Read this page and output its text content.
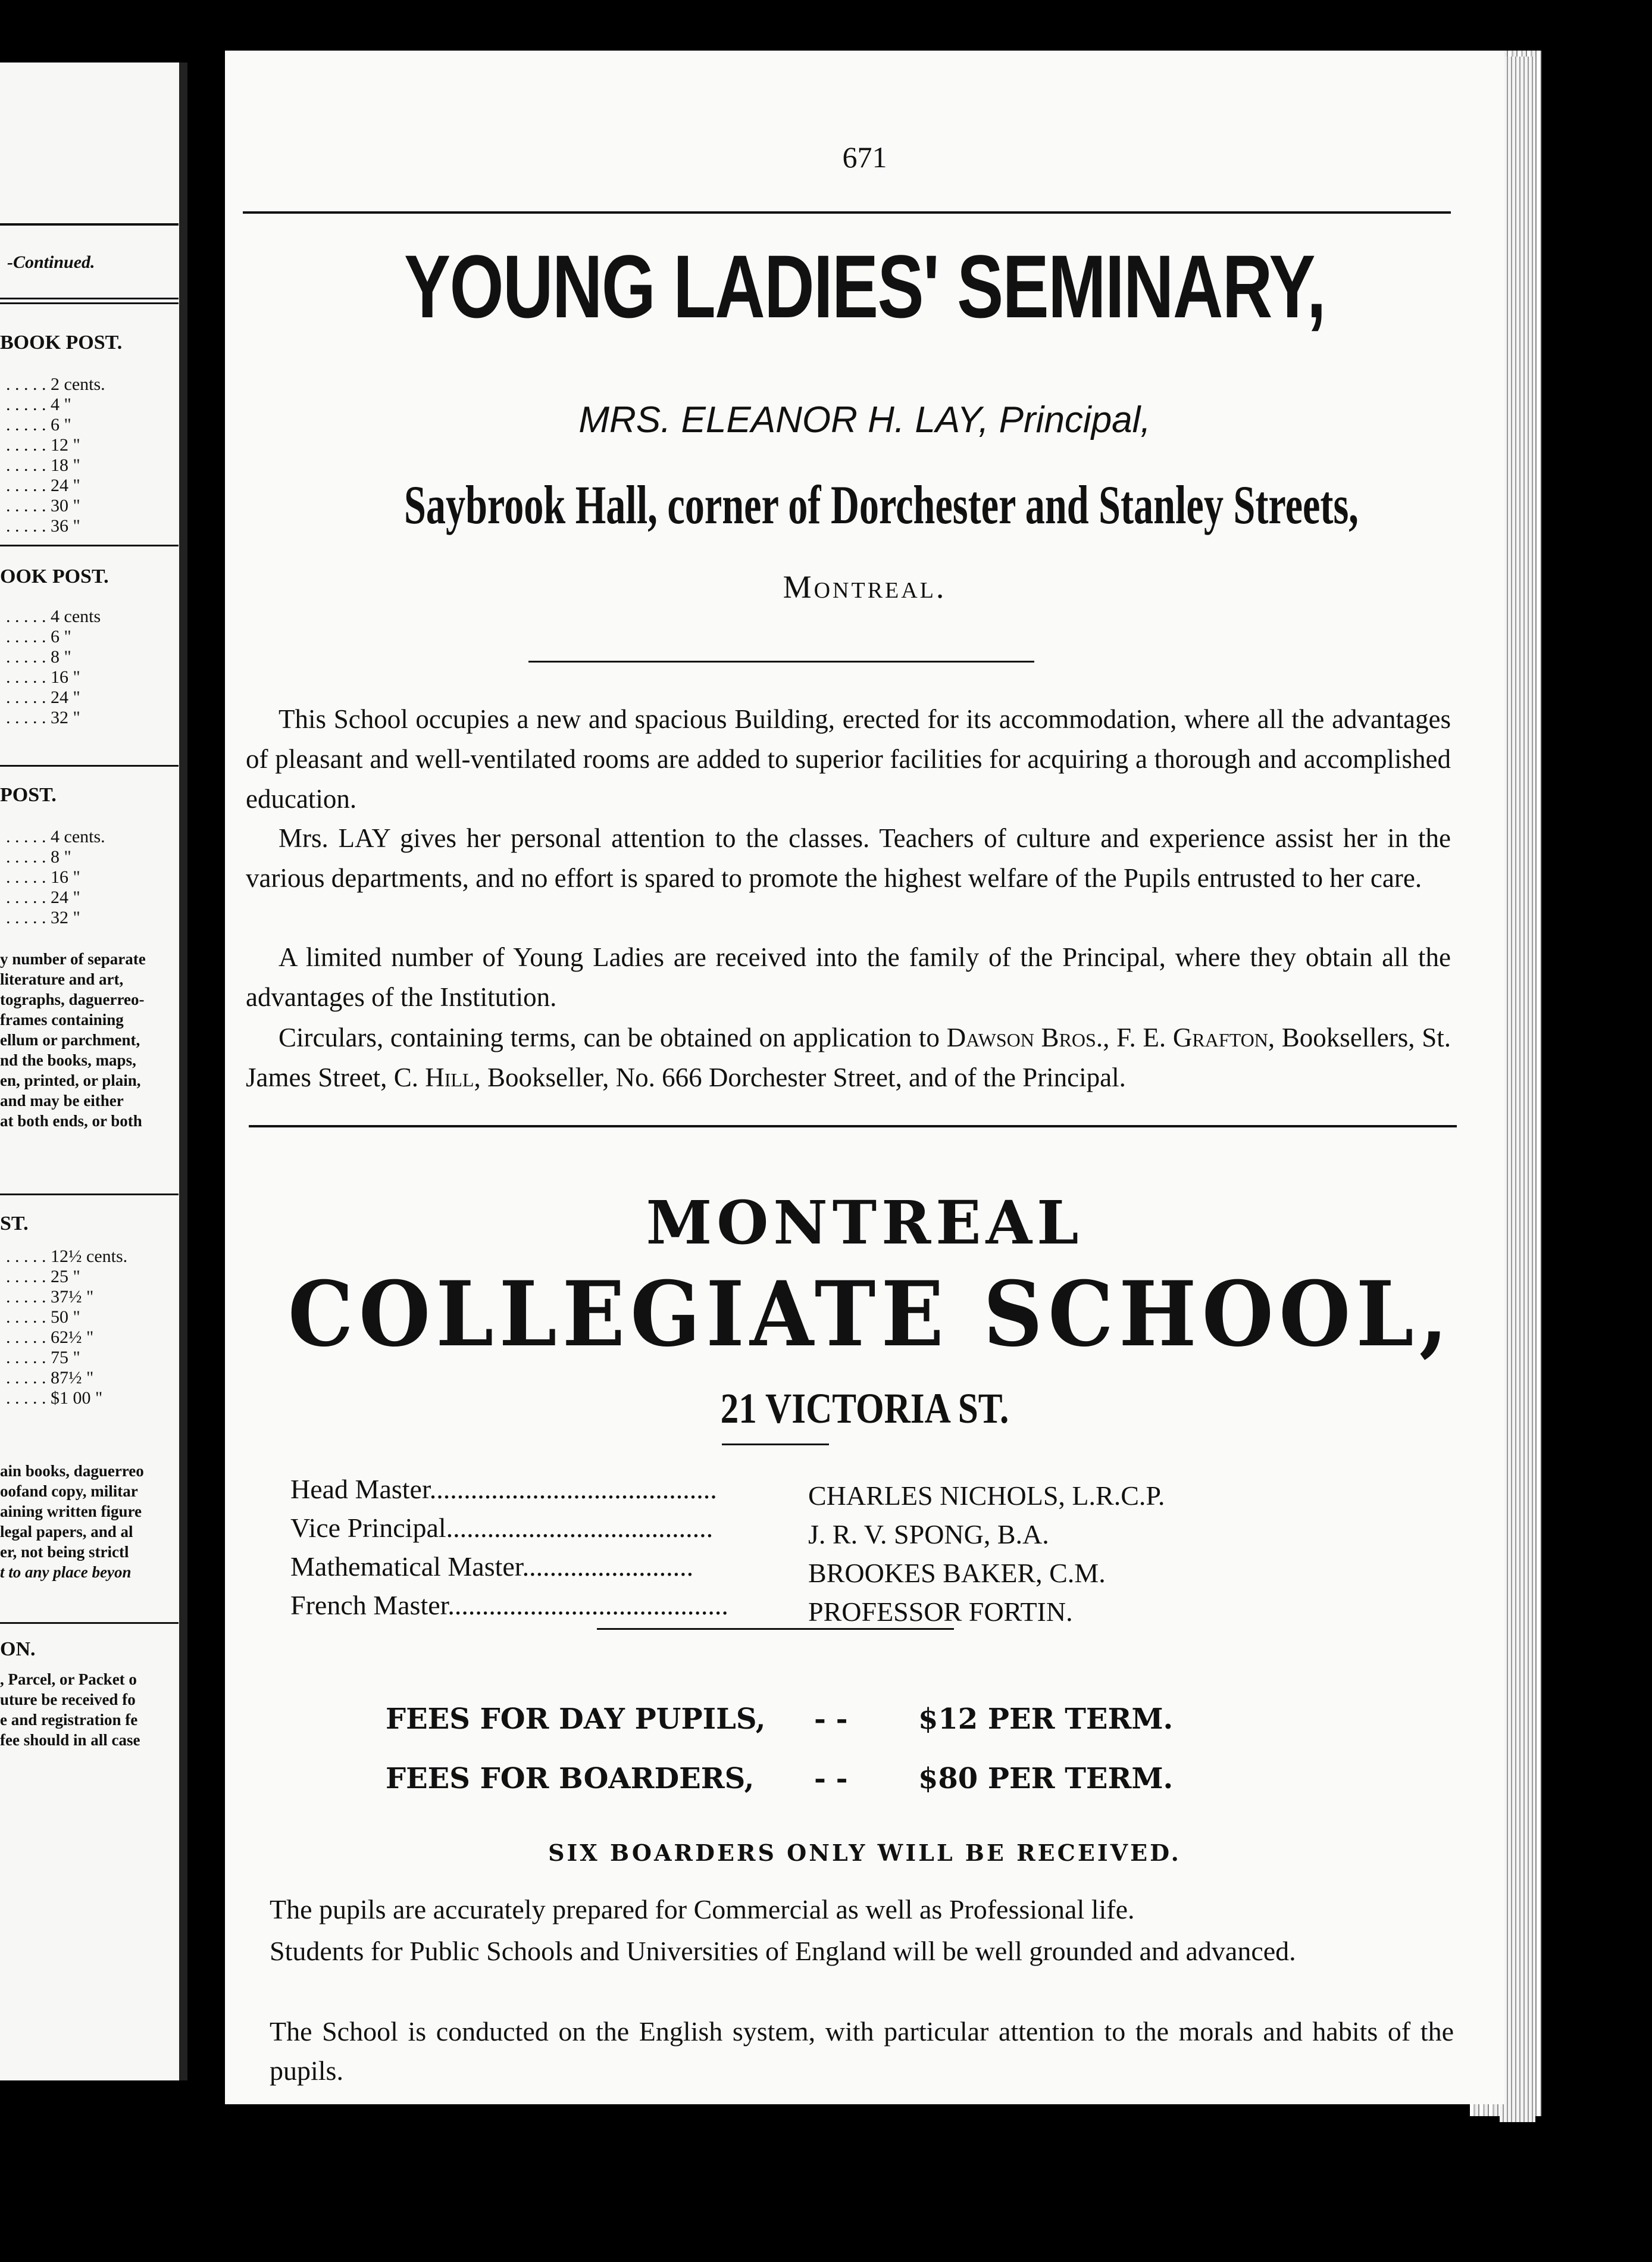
-Continued.
BOOK POST.
. . . . . 2 cents.
. . . . . 4 "
. . . . . 6 "
. . . . . 12 "
. . . . . 18 "
. . . . . 24 "
. . . . . 30 "
. . . . . 36 "
OOK POST.
. . . . . 4 cents
. . . . . 6 "
. . . . . 8 "
. . . . . 16 "
. . . . . 24 "
. . . . . 32 "
POST.
. . . . . 4 cents.
. . . . . 8 "
. . . . . 16 "
. . . . . 24 "
. . . . . 32 "
y number of separate
literature and art,
tographs, daguerreo-
frames containing
ellum or parchment,
nd the books, maps,
en, printed, or plain,
and may be either
at both ends, or both
ST.
. . . . . 12½ cents.
. . . . . 25 "
. . . . . 37½ "
. . . . . 50 "
. . . . . 62½ "
. . . . . 75 "
. . . . . 87½ "
. . . . . $1 00 "
ain books, daguerreo
oofand copy, militar
aining written figure
legal papers, and al
er, not being strictl
t to any place beyon
ON.
, Parcel, or Packet o
uture be received fo
e and registration fe
fee should in all case
671
YOUNG LADIES' SEMINARY,
MRS. ELEANOR H. LAY, Principal,
Saybrook Hall, corner of Dorchester and Stanley Streets,
Montreal.
This School occupies a new and spacious Building, erected for its accommodation, where all the advantages of pleasant and well-ventilated rooms are added to superior facilities for acquiring a thorough and accomplished education.
Mrs. LAY gives her personal attention to the classes. Teachers of culture and experience assist her in the various departments, and no effort is spared to promote the highest welfare of the Pupils entrusted to her care.
A limited number of Young Ladies are received into the family of the Principal, where they obtain all the advantages of the Institution.
Circulars, containing terms, can be obtained on application to Dawson Bros., F. E. Grafton, Booksellers, St. James Street, C. Hill, Bookseller, No. 666 Dorchester Street, and of the Principal.
MONTREAL
COLLEGIATE SCHOOL,
21 VICTORIA ST.
Head Master..........................................	CHARLES NICHOLS, L.R.C.P.
Vice Principal.......................................	J. R. V. SPONG, B.A.
Mathematical Master.........................	BROOKES BAKER, C.M.
French Master.........................................	PROFESSOR FORTIN.
FEES FOR DAY PUPILS, - - $12 PER TERM.
FEES FOR BOARDERS, - - $80 PER TERM.
SIX BOARDERS ONLY WILL BE RECEIVED.
The pupils are accurately prepared for Commercial as well as Professional life.
Students for Public Schools and Universities of England will be well grounded and advanced.
The School is conducted on the English system, with particular attention to the morals and habits of the pupils.
